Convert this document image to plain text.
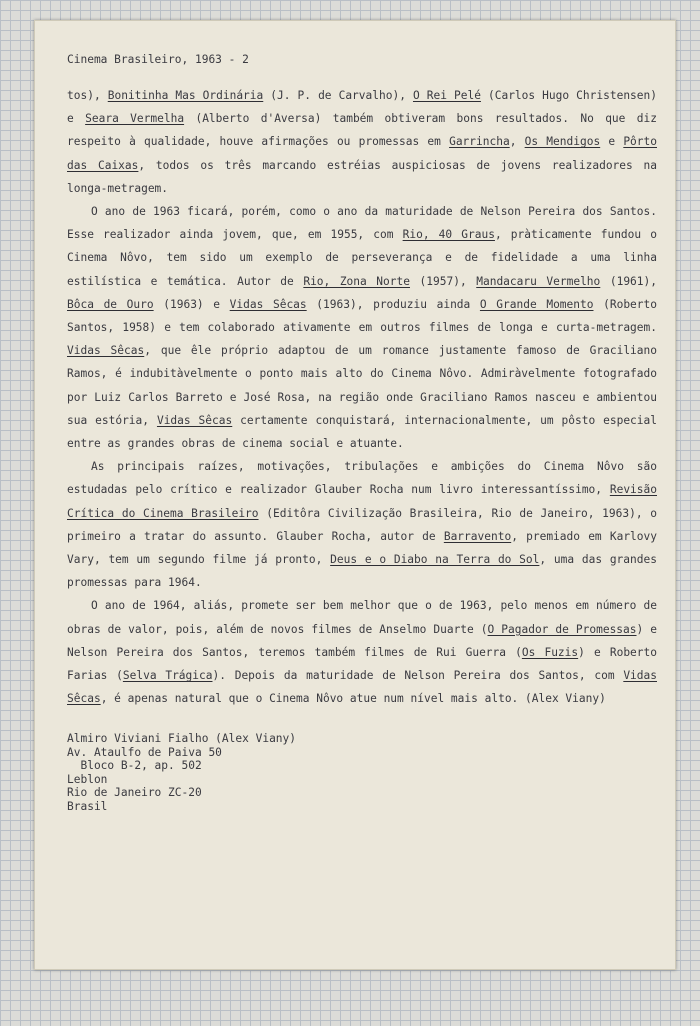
Cinema Brasileiro, 1963 - 2

tos), Bonitinha Mas Ordinária (J. P. de Carvalho), O Rei Pelé (Carlos Hugo Christensen) e Seara Vermelha (Alberto d'Aversa) também obtiveram bons resultados. No que diz respeito à qualidade, houve afirmações ou promessas em Garrincha, Os Mendigos e Pôrto das Caixas, todos os três marcando estréias auspiciosas de jovens realizadores na longa-metragem.

O ano de 1963 ficará, porém, como o ano da maturidade de Nelson Pereira dos Santos. Esse realizador ainda jovem, que, em 1955, com Rio, 40 Graus, pràticamente fundou o Cinema Nôvo, tem sido um exemplo de perseverança e de fidelidade a uma linha estilística e temática. Autor de Rio, Zona Norte (1957), Mandacaru Vermelho (1961), Bôca de Ouro (1963) e Vidas Sêcas (1963), produziu ainda O Grande Momento (Roberto Santos, 1958) e tem colaborado ativamente em outros filmes de longa e curta-metragem. Vidas Sêcas, que êle próprio adaptou de um romance justamente famoso de Graciliano Ramos, é indubitàvelmente o ponto mais alto do Cinema Nôvo. Admiràvelmente fotografado por Luiz Carlos Barreto e José Rosa, na região onde Graciliano Ramos nasceu e ambientou sua estória, Vidas Sêcas certamente conquistará, internacionalmente, um pôsto especial entre as grandes obras de cinema social e atuante.

As principais raízes, motivações, tribulações e ambições do Cinema Nôvo são estudadas pelo crítico e realizador Glauber Rocha num livro interessantíssimo, Revisão Crítica do Cinema Brasileiro (Editôra Civilização Brasileira, Rio de Janeiro, 1963), o primeiro a tratar do assunto. Glauber Rocha, autor de Barravento, premiado em Karlovy Vary, tem um segundo filme já pronto, Deus e o Diabo na Terra do Sol, uma das grandes promessas para 1964.

O ano de 1964, aliás, promete ser bem melhor que o de 1963, pelo menos em número de obras de valor, pois, além de novos filmes de Anselmo Duarte (O Pagador de Promessas) e Nelson Pereira dos Santos, teremos também filmes de Rui Guerra (Os Fuzis) e Roberto Farias (Selva Trágica). Depois da maturidade de Nelson Pereira dos Santos, com Vidas Sêcas, é apenas natural que o Cinema Nôvo atue num nível mais alto. (Alex Viany)

Almiro Viviani Fialho (Alex Viany)
Av. Ataulfo de Paiva 50
Bloco B-2, ap. 502
Leblon
Rio de Janeiro ZC-20
Brasil
